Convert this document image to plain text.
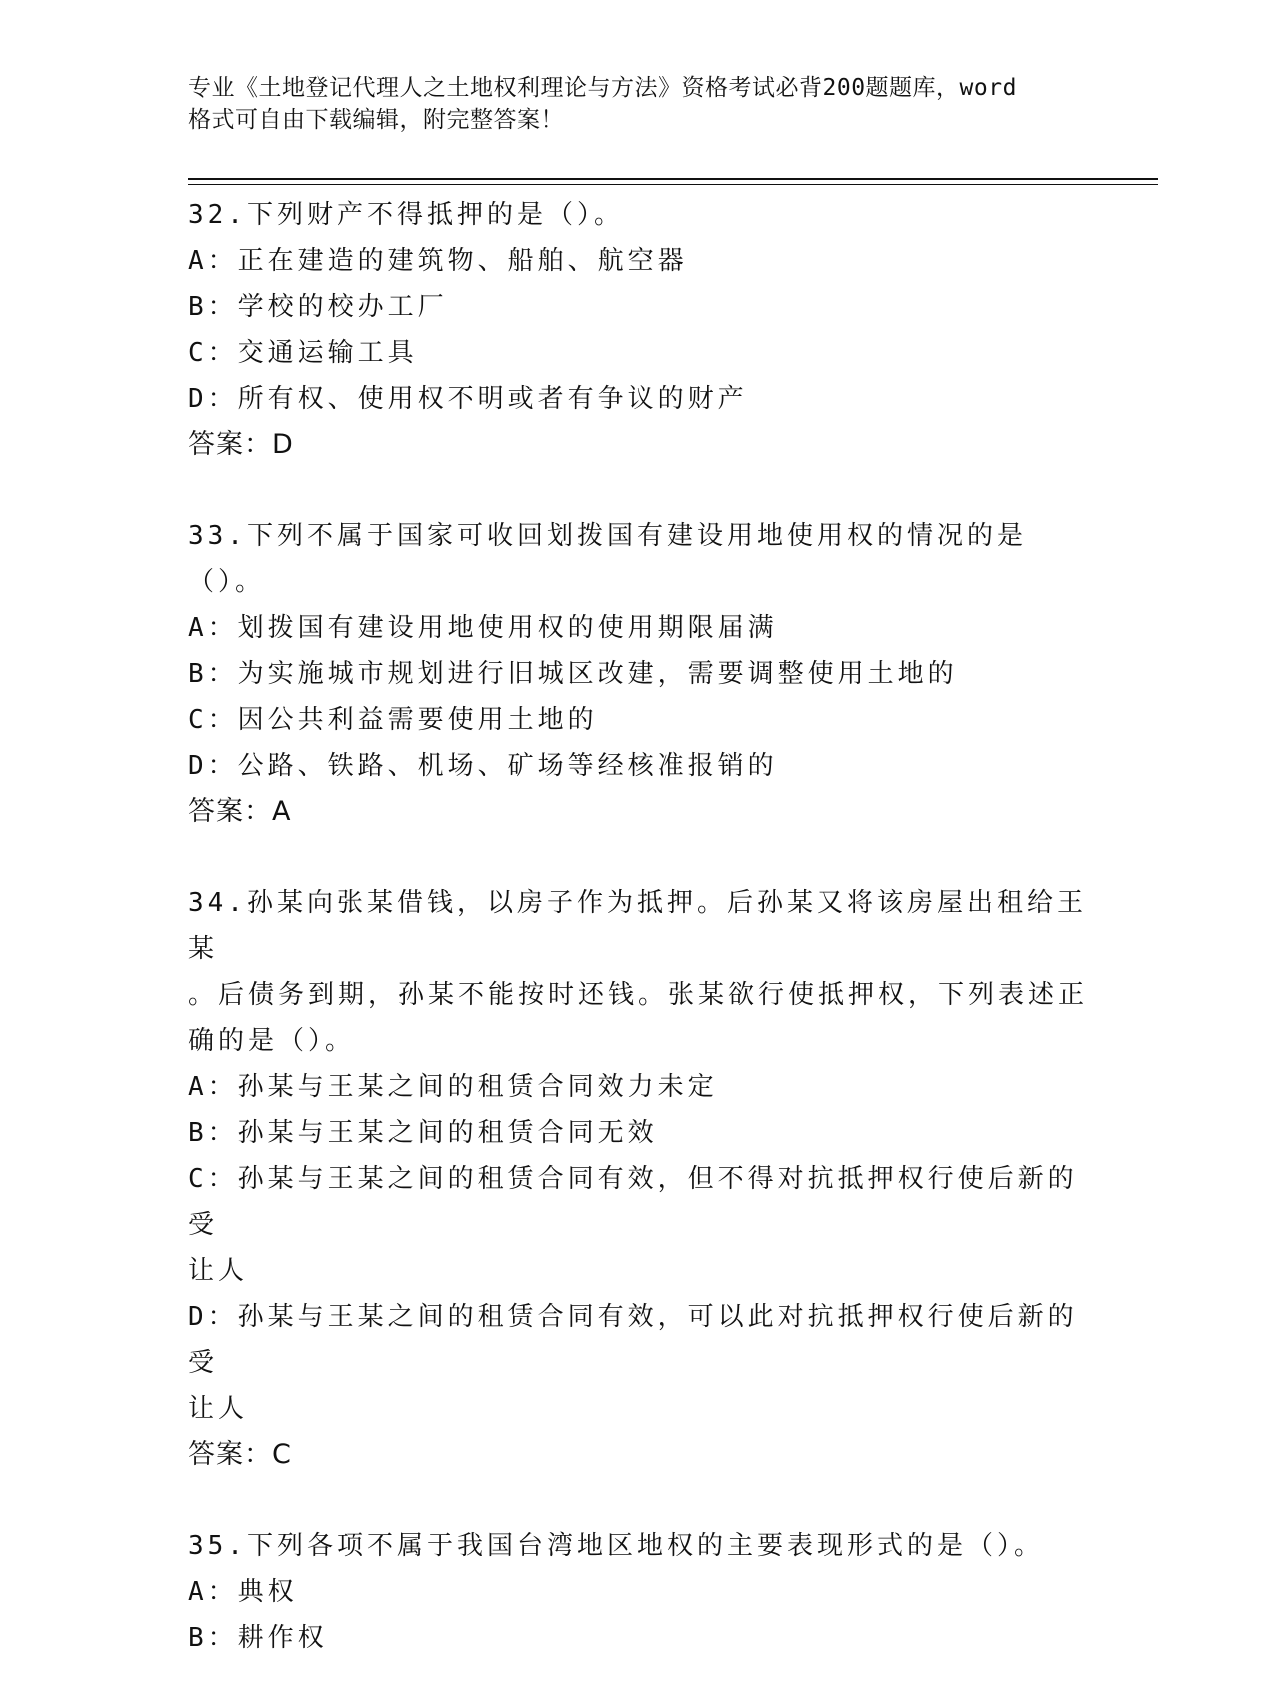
专业《土地登记代理人之土地权利理论与方法》资格考试必背200题题库，word
格式可自由下载编辑，附完整答案！
32.下列财产不得抵押的是（）。
A：正在建造的建筑物、船舶、航空器
B：学校的校办工厂
C：交通运输工具
D：所有权、使用权不明或者有争议的财产
答案：D
33.下列不属于国家可收回划拨国有建设用地使用权的情况的是（）。
A：划拨国有建设用地使用权的使用期限届满
B：为实施城市规划进行旧城区改建，需要调整使用土地的
C：因公共利益需要使用土地的
D：公路、铁路、机场、矿场等经核准报销的
答案：A
34.孙某向张某借钱，以房子作为抵押。后孙某又将该房屋出租给王某
。后债务到期，孙某不能按时还钱。张某欲行使抵押权，下列表述正
确的是（）。
A：孙某与王某之间的租赁合同效力未定
B：孙某与王某之间的租赁合同无效
C：孙某与王某之间的租赁合同有效，但不得对抗抵押权行使后新的受
让人
D：孙某与王某之间的租赁合同有效，可以此对抗抵押权行使后新的受
让人
答案：C
35.下列各项不属于我国台湾地区地权的主要表现形式的是（）。
A：典权
B：耕作权
